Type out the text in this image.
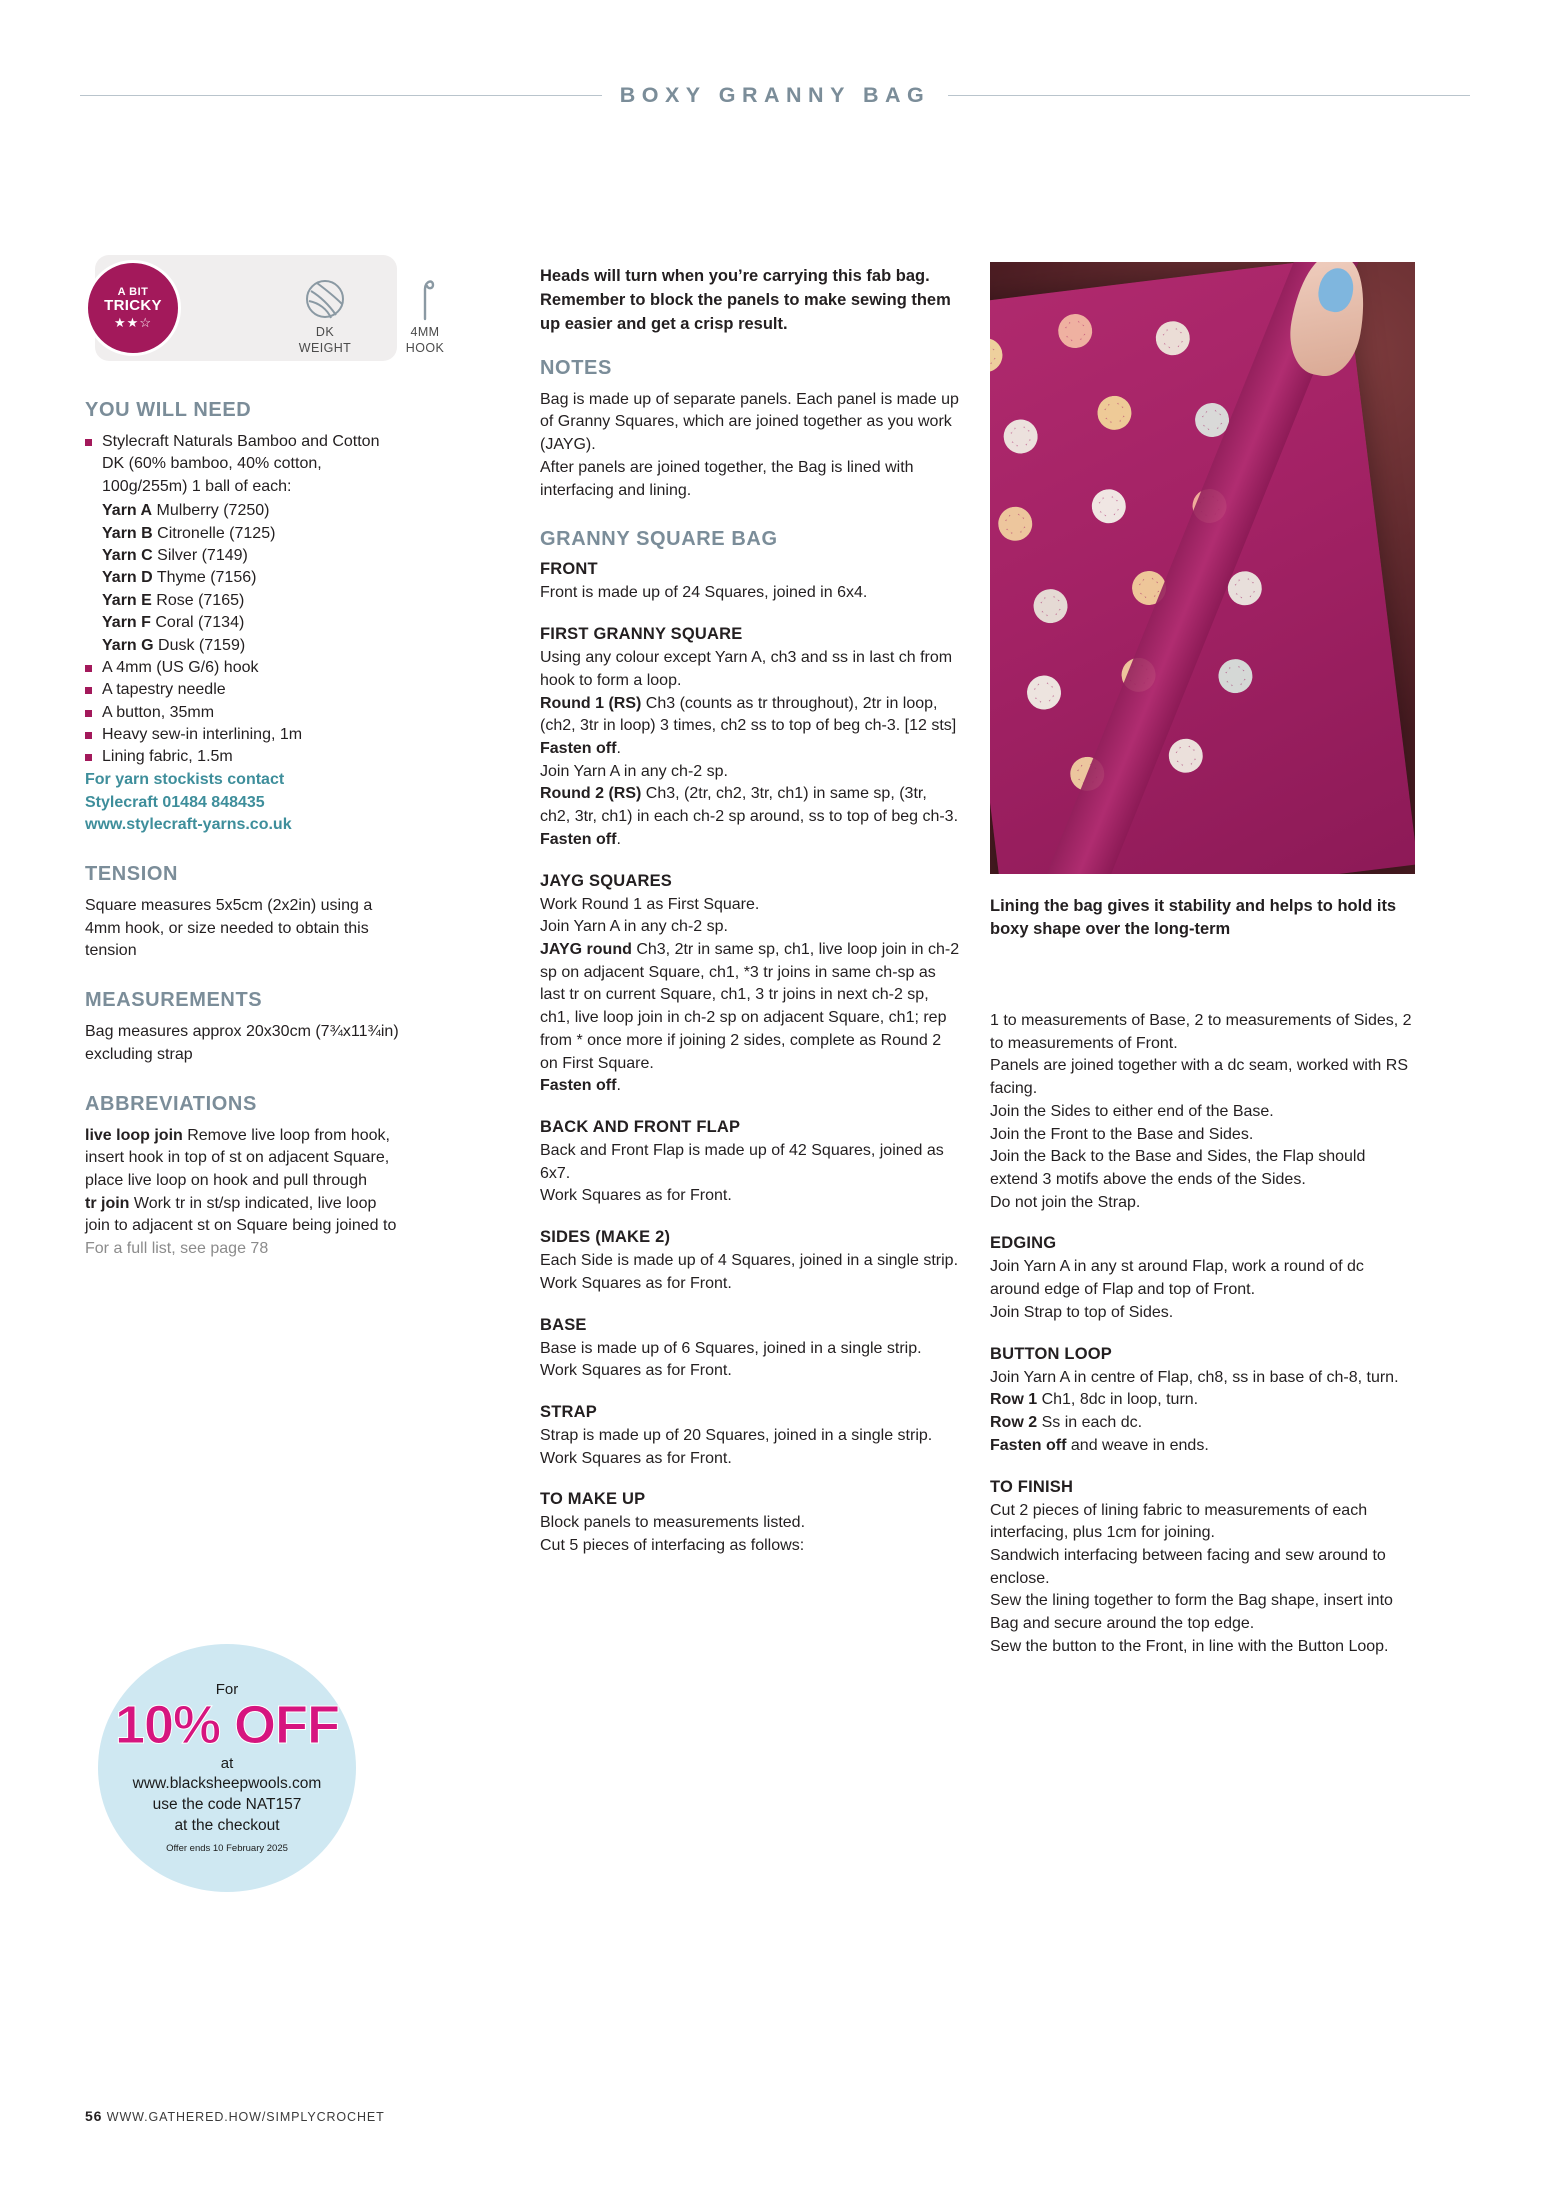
BOXY GRANNY BAG
A BIT
TRICKY
★★☆
DK
WEIGHT
4MM
HOOK
YOU WILL NEED
Stylecraft Naturals Bamboo and Cotton DK (60% bamboo, 40% cotton, 100g/255m) 1 ball of each:
Yarn A Mulberry (7250)
Yarn B Citronelle (7125)
Yarn C Silver (7149)
Yarn D Thyme (7156)
Yarn E Rose (7165)
Yarn F Coral (7134)
Yarn G Dusk (7159)
A 4mm (US G/6) hook
A tapestry needle
A button, 35mm
Heavy sew-in interlining, 1m
Lining fabric, 1.5m

For yarn stockists contact

Stylecraft 01484 848435

www.stylecraft-yarns.co.uk

TENSION

Square measures 5x5cm (2x2in) using a 4mm hook, or size needed to obtain this tension

MEASUREMENTS

Bag measures approx 20x30cm (7¾x11¾in) excluding strap

ABBREVIATIONS

live loop join Remove live loop from hook, insert hook in top of st on adjacent Square, place live loop on hook and pull through

tr join Work tr in st/sp indicated, live loop join to adjacent st on Square being joined to

For a full list, see page 78

For
10% OFF
at
www.blacksheepwools.com
use the code NAT157
at the checkout
Offer ends 10 February 2025

Heads will turn when you’re carrying this fab bag. Remember to block the panels to make sewing them up easier and get a crisp result.

NOTES

Bag is made up of separate panels. Each panel is made up of Granny Squares, which are joined together as you work (JAYG).

After panels are joined together, the Bag is lined with interfacing and lining.

GRANNY SQUARE BAG
FRONT

Front is made up of 24 Squares, joined in 6x4.

FIRST GRANNY SQUARE

Using any colour except Yarn A, ch3 and ss in last ch from hook to form a loop.

Round 1 (RS) Ch3 (counts as tr throughout), 2tr in loop, (ch2, 3tr in loop) 3 times, ch2 ss to top of beg ch-3. [12 sts]

Fasten off.

Join Yarn A in any ch-2 sp.

Round 2 (RS) Ch3, (2tr, ch2, 3tr, ch1) in same sp, (3tr, ch2, 3tr, ch1) in each ch-2 sp around, ss to top of beg ch-3.

Fasten off.

JAYG SQUARES

Work Round 1 as First Square.

Join Yarn A in any ch-2 sp.

JAYG round Ch3, 2tr in same sp, ch1, live loop join in ch-2 sp on adjacent Square, ch1, *3 tr joins in same ch-sp as last tr on current Square, ch1, 3 tr joins in next ch-2 sp, ch1, live loop join in ch-2 sp on adjacent Square, ch1; rep from * once more if joining 2 sides, complete as Round 2 on First Square.

Fasten off.

BACK AND FRONT FLAP

Back and Front Flap is made up of 42 Squares, joined as 6x7.

Work Squares as for Front.

SIDES (MAKE 2)

Each Side is made up of 4 Squares, joined in a single strip.

Work Squares as for Front.

BASE

Base is made up of 6 Squares, joined in a single strip.

Work Squares as for Front.

STRAP

Strap is made up of 20 Squares, joined in a single strip.

Work Squares as for Front.

TO MAKE UP

Block panels to measurements listed.

Cut 5 pieces of interfacing as follows:

Lining the bag gives it stability and helps to hold its boxy shape over the long-term

1 to measurements of Base, 2 to measurements of Sides, 2 to measurements of Front.

Panels are joined together with a dc seam, worked with RS facing.

Join the Sides to either end of the Base.

Join the Front to the Base and Sides.

Join the Back to the Base and Sides, the Flap should extend 3 motifs above the ends of the Sides.

Do not join the Strap.

EDGING

Join Yarn A in any st around Flap, work a round of dc around edge of Flap and top of Front.

Join Strap to top of Sides.

BUTTON LOOP

Join Yarn A in centre of Flap, ch8, ss in base of ch-8, turn.

Row 1 Ch1, 8dc in loop, turn.

Row 2 Ss in each dc.

Fasten off and weave in ends.

TO FINISH

Cut 2 pieces of lining fabric to measurements of each interfacing, plus 1cm for joining.

Sandwich interfacing between facing and sew around to enclose.

Sew the lining together to form the Bag shape, insert into Bag and secure around the top edge.

Sew the button to the Front, in line with the Button Loop.

56 WWW.GATHERED.HOW/SIMPLYCROCHET
